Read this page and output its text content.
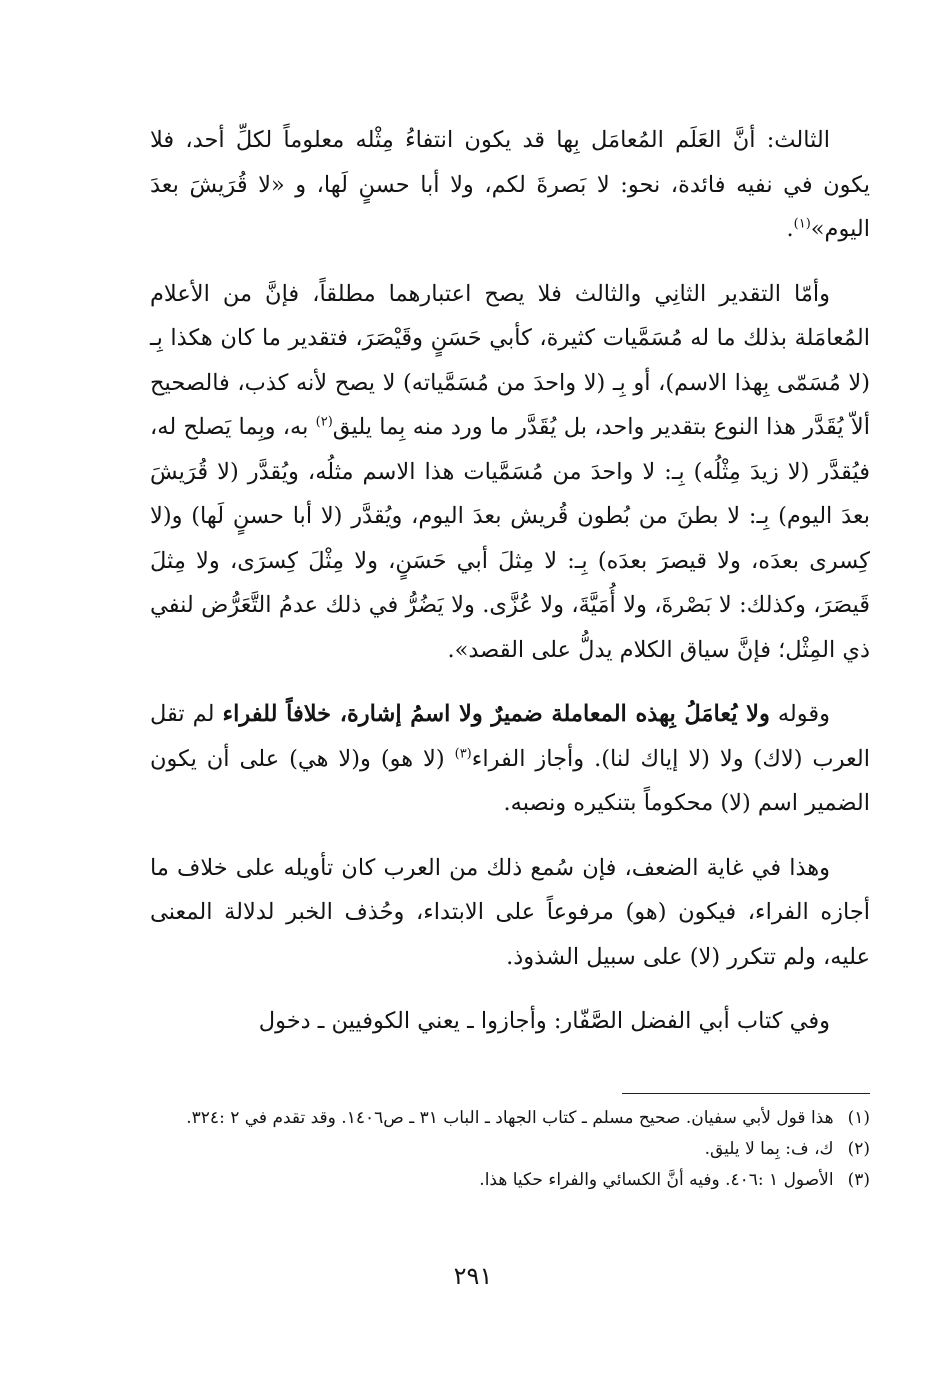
الثالث: أنَّ العَلَم المُعامَل بِها قد يكون انتفاءُ مِثْله معلوماً لكلِّ أحد، فلا يكون في نفيه فائدة، نحو: لا بَصرةَ لكم، ولا أبا حسنٍ لَها، و «لا قُرَيشَ بعدَ اليوم»$^{(١)}$.

وأمّا التقدير الثانِي والثالث فلا يصح اعتبارهما مطلقاً، فإنَّ من الأعلام المُعامَلة بذلك ما له مُسَمَّيات كثيرة، كأبي حَسَنٍ وقَيْصَرَ، فتقدير ما كان هكذا بِـ (لا مُسَمّى بِهذا الاسم)، أو بِـ (لا واحدَ من مُسَمَّياته) لا يصح لأنه كذب، فالصحيح ألاّ يُقَدَّر هذا النوع بتقدير واحد، بل يُقَدَّر ما ورد منه بِما يليق$^{(٢)}$ به، وبِما يَصلح له، فيُقدَّر (لا زيدَ مِثْلُه) بِـ: لا واحدَ من مُسَمَّيات هذا الاسم مثلُه، ويُقدَّر (لا قُرَيشَ بعدَ اليوم) بِـ: لا بطنَ من بُطون قُريش بعدَ اليوم، ويُقدَّر (لا أبا حسنٍ لَها) و(لا كِسرى بعدَه، ولا قيصرَ بعدَه) بِـ: لا مِثلَ أبي حَسَنٍ، ولا مِثْلَ كِسرَى، ولا مِثلَ قَيصَرَ، وكذلك: لا بَصْرةَ، ولا أُمَيَّةَ، ولا عُزَّى. ولا يَضُرُّ في ذلك عدمُ التَّعَرُّض لنفي ذي المِثْل؛ فإنَّ سياق الكلام يدلُّ على القصد».

وقوله ولا يُعامَلُ بِهذه المعاملة ضميرٌ ولا اسمُ إشارة، خلافاً للفراء لم تقل العرب (لاك) ولا (لا إياك لنا). وأجاز الفراء$^{(٣)}$ (لا هو) و(لا هي) على أن يكون الضمير اسم (لا) محكوماً بتنكيره ونصبه.

وهذا في غاية الضعف، فإن سُمع ذلك من العرب كان تأويله على خلاف ما أجازه الفراء، فيكون (هو) مرفوعاً على الابتداء، وحُذف الخبر لدلالة المعنى عليه، ولم تتكرر (لا) على سبيل الشذوذ.

وفي كتاب أبي الفضل الصَّفّار: وأجازوا ـ يعني الكوفيين ـ دخول

(١)
هذا قول لأبي سفيان. صحيح مسلم ـ كتاب الجهاد ـ الباب ٣١ ـ ص١٤٠٦. وقد تقدم في ٢ :٣٢٤.
(٢)
ك، ف: بِما لا يليق.
(٣)
الأصول ١ :٤٠٦. وفيه أنَّ الكسائي والفراء حكيا هذا.
٢٩١
